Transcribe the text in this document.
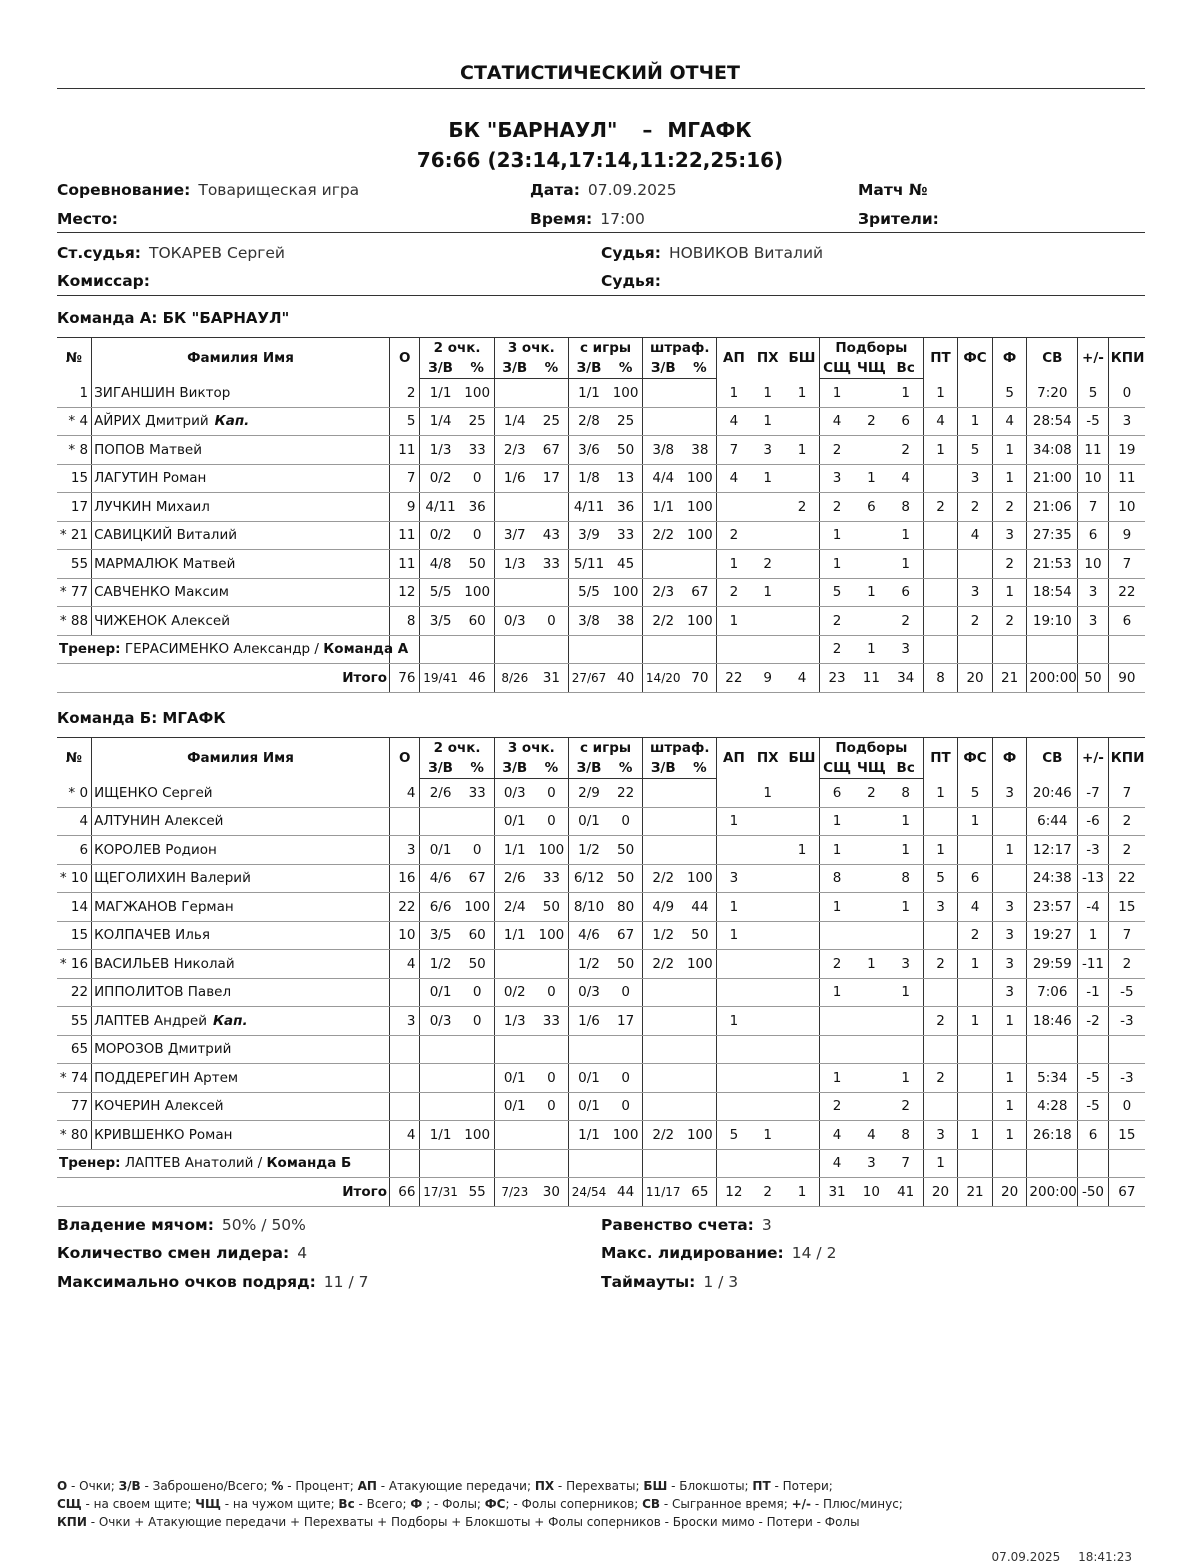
СТАТИСТИЧЕСКИЙ ОТЧЕТ
БК "БАРНАУЛ" – МГАФК
76:66 (23:14,17:14,11:22,25:16)
Соревнование: Товарищеская игра	Дата: 07.09.2025	Матч №
Место:	Время: 17:00	Зрители:
Ст.судья: ТОКАРЕВ Сергей	Судья: НОВИКОВ Виталий
Комиссар:	Судья:
Команда А: БК "БАРНАУЛ"
№	Фамилия Имя	О	2 очк.		3 очк.		с игры		штраф.		АП	ПХ	БШ	Подборы			ПТ	ФС	Ф	СВ	+/-	КПИ
			З/В	%	З/В	%	З/В	%	З/В	%				СЩ	ЧЩ	Вс						
1	ЗИГАНШИН Виктор	2	1/1	100			1/1	100			1	1	1	1		1	1		5	7:20	5	0
* 4	АЙРИХ Дмитрий Кап.	5	1/4	25	1/4	25	2/8	25			4	1		4	2	6	4	1	4	28:54	-5	3
* 8	ПОПОВ Матвей	11	1/3	33	2/3	67	3/6	50	3/8	38	7	3	1	2		2	1	5	1	34:08	11	19
15	ЛАГУТИН Роман	7	0/2	0	1/6	17	1/8	13	4/4	100	4	1		3	1	4		3	1	21:00	10	11
17	ЛУЧКИН Михаил	9	4/11	36			4/11	36	1/1	100			2	2	6	8	2	2	2	21:06	7	10
* 21	САВИЦКИЙ Виталий	11	0/2	0	3/7	43	3/9	33	2/2	100	2			1		1		4	3	27:35	6	9
55	МАРМАЛЮК Матвей	11	4/8	50	1/3	33	5/11	45			1	2		1		1			2	21:53	10	7
* 77	САВЧЕНКО Максим	12	5/5	100			5/5	100	2/3	67	2	1		5	1	6		3	1	18:54	3	22
* 88	ЧИЖЕНОК Алексей	8	3/5	60	0/3	0	3/8	38	2/2	100	1			2		2		2	2	19:10	3	6
Тренер: ГЕРАСИМЕНКО Александр / Команда А														2	1	3						
Итого		76	19/41	46	8/26	31	27/67	40	14/20	70	22	9	4	23	11	34	8	20	21	200:00	50	90
Команда Б: МГАФК
№	Фамилия Имя	О	2 очк.		3 очк.		с игры		штраф.		АП	ПХ	БШ	Подборы			ПТ	ФС	Ф	СВ	+/-	КПИ
			З/В	%	З/В	%	З/В	%	З/В	%				СЩ	ЧЩ	Вс						
* 0	ИЩЕНКО Сергей	4	2/6	33	0/3	0	2/9	22				1		6	2	8	1	5	3	20:46	-7	7
4	АЛТУНИН Алексей				0/1	0	0/1	0			1			1		1		1		6:44	-6	2
6	КОРОЛЕВ Родион	3	0/1	0	1/1	100	1/2	50					1	1		1	1		1	12:17	-3	2
* 10	ЩЕГОЛИХИН Валерий	16	4/6	67	2/6	33	6/12	50	2/2	100	3			8		8	5	6		24:38	-13	22
14	МАГЖАНОВ Герман	22	6/6	100	2/4	50	8/10	80	4/9	44	1			1		1	3	4	3	23:57	-4	15
15	КОЛПАЧЕВ Илья	10	3/5	60	1/1	100	4/6	67	1/2	50	1							2	3	19:27	1	7
* 16	ВАСИЛЬЕВ Николай	4	1/2	50			1/2	50	2/2	100				2	1	3	2	1	3	29:59	-11	2
22	ИППОЛИТОВ Павел		0/1	0	0/2	0	0/3	0						1		1			3	7:06	-1	-5
55	ЛАПТЕВ Андрей Кап.	3	0/3	0	1/3	33	1/6	17			1						2	1	1	18:46	-2	-3
65	МОРОЗОВ Дмитрий																					
* 74	ПОДДЕРЕГИН Артем				0/1	0	0/1	0						1		1	2		1	5:34	-5	-3
77	КОЧЕРИН Алексей				0/1	0	0/1	0						2		2			1	4:28	-5	0
* 80	КРИВШЕНКО Роман	4	1/1	100			1/1	100	2/2	100	5	1		4	4	8	3	1	1	26:18	6	15
Тренер: ЛАПТЕВ Анатолий / Команда Б														4	3	7	1					
Итого		66	17/31	55	7/23	30	24/54	44	11/17	65	12	2	1	31	10	41	20	21	20	200:00	-50	67
Владение мячом: 50% / 50%	Равенство счета: 3
Количество смен лидера: 4	Макс. лидирование: 14 / 2
Максимально очков подряд: 11 / 7	Таймауты: 1 / 3
О - Очки; З/В - Заброшено/Всего; % - Процент; АП - Атакующие передачи; ПХ - Перехваты; БШ - Блокшоты; ПТ - Потери;
СЩ - на своем щите; ЧЩ - на чужом щите; Вс - Всего; Ф ; - Фолы; ФС; - Фолы соперников; СВ - Сыгранное время; +/- - Плюс/минус;
КПИ - Очки + Атакующие передачи + Перехваты + Подборы + Блокшоты + Фолы соперников - Броски мимо - Потери - Фолы
07.09.2025 18:41:23
